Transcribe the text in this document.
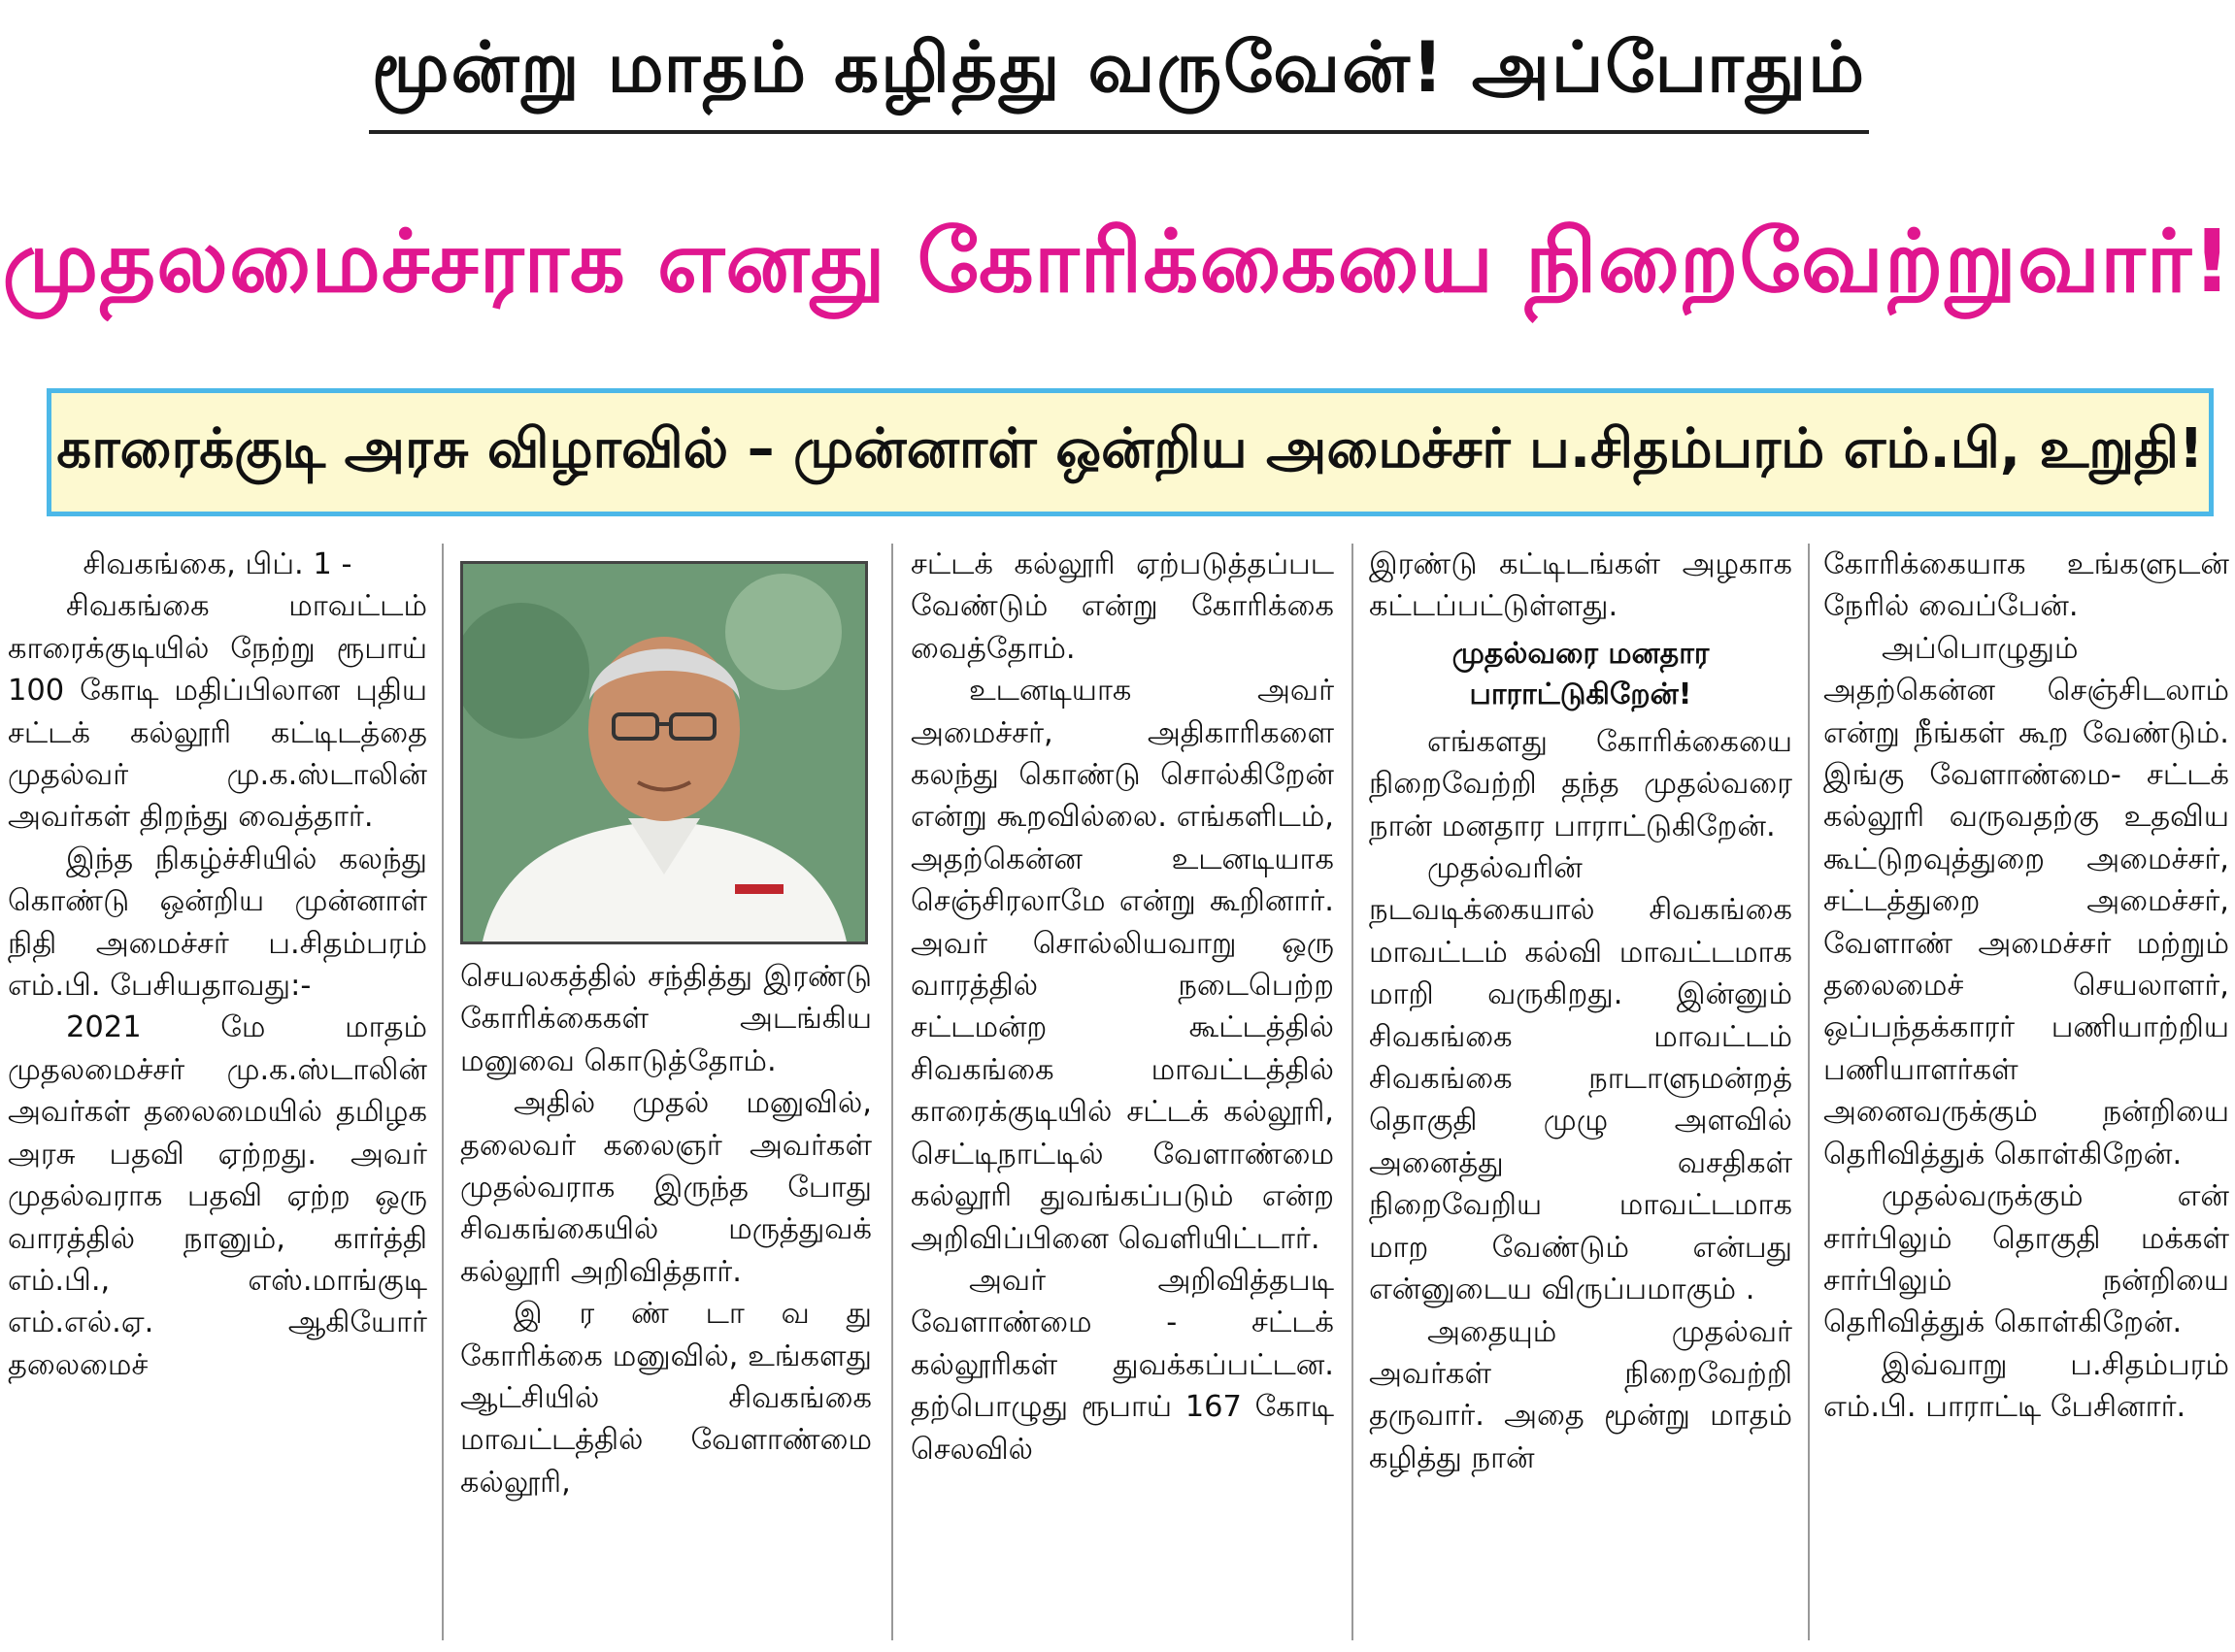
மூன்று மாதம் கழித்து வருவேன்! அப்போதும்
முதலமைச்சராக எனது கோரிக்கையை நிறைவேற்றுவார்!
காரைக்குடி அரசு விழாவில் – முன்னாள் ஒன்றிய அமைச்சர் ப.சிதம்பரம் எம்.பி, உறுதி!

சிவகங்கை, பிப். 1 -

சிவகங்கை மாவட்டம் காரைக்குடியில் நேற்று ரூபாய் 100 கோடி மதிப்பிலான புதிய சட்டக் கல்லூரி கட்டிடத்தை முதல்வர் மு.க.ஸ்டாலின் அவர்கள் திறந்து வைத்தார்.

இந்த நிகழ்ச்சியில் கலந்து கொண்டு ஒன்றிய முன்னாள் நிதி அமைச்சர் ப.சிதம்பரம் எம்.பி. பேசியதாவது:-

2021 மே மாதம் முதலமைச்சர் மு.க.ஸ்டாலின் அவர்கள் தலைமையில் தமிழக அரசு பதவி ஏற்றது. அவர் முதல்வராக பதவி ஏற்ற ஒரு வாரத்தில் நானும், கார்த்தி எம்.பி., எஸ்.மாங்குடி எம்.எல்.ஏ. ஆகியோர் தலைமைச்

செயலகத்தில் சந்தித்து இரண்டு கோரிக்கைகள் அடங்கிய மனுவை கொடுத்தோம்.

அதில் முதல் மனுவில், தலைவர் கலைஞர் அவர்கள் முதல்வராக இருந்த போது சிவகங்கையில் மருத்துவக் கல்லூரி அறிவித்தார்.

இ ர ண் டா வ து கோரிக்கை மனுவில், உங்களது ஆட்சியில் சிவகங்கை மாவட்டத்தில் வேளாண்மை கல்லூரி,

சட்டக் கல்லூரி ஏற்படுத்தப்பட வேண்டும் என்று கோரிக்கை வைத்தோம்.

உடனடியாக அவர் அமைச்சர், அதிகாரிகளை கலந்து கொண்டு சொல்கிறேன் என்று கூறவில்லை. எங்களிடம், அதற்கென்ன உடனடியாக செஞ்சிரலாமே என்று கூறினார். அவர் சொல்லியவாறு ஒரு வாரத்தில் நடைபெற்ற சட்டமன்ற கூட்டத்தில் சிவகங்கை மாவட்டத்தில் காரைக்குடியில் சட்டக் கல்லூரி, செட்டிநாட்டில் வேளாண்மை கல்லூரி துவங்கப்படும் என்ற அறிவிப்பினை வெளியிட்டார்.

அவர் அறிவித்தபடி வேளாண்மை - சட்டக் கல்லூரிகள் துவக்கப்பட்டன. தற்பொழுது ரூபாய் 167 கோடி செலவில்

இரண்டு கட்டிடங்கள் அழகாக கட்டப்பட்டுள்ளது.

முதல்வரை மனதார பாராட்டுகிறேன்!

எங்களது கோரிக்கையை நிறைவேற்றி தந்த முதல்வரை நான் மனதார பாராட்டுகிறேன்.

முதல்வரின் நடவடிக்கையால் சிவகங்கை மாவட்டம் கல்வி மாவட்டமாக மாறி வருகிறது. இன்னும் சிவகங்கை மாவட்டம் சிவகங்கை நாடாளுமன்றத் தொகுதி முழு அளவில் அனைத்து வசதிகள் நிறைவேறிய மாவட்டமாக மாற வேண்டும் என்பது என்னுடைய விருப்பமாகும் .

அதையும் முதல்வர் அவர்கள் நிறைவேற்றி தருவார். அதை மூன்று மாதம் கழித்து நான்

கோரிக்கையாக உங்களுடன் நேரில் வைப்பேன்.

அப்பொழுதும் அதற்கென்ன செஞ்சிடலாம் என்று நீங்கள் கூற வேண்டும். இங்கு வேளாண்மை- சட்டக் கல்லூரி வருவதற்கு உதவிய கூட்டுறவுத்துறை அமைச்சர், சட்டத்துறை அமைச்சர், வேளாண் அமைச்சர் மற்றும் தலைமைச் செயலாளர், ஒப்பந்தக்காரர் பணியாற்றிய பணியாளர்கள் அனைவருக்கும் நன்றியை தெரிவித்துக் கொள்கிறேன்.

முதல்வருக்கும் என் சார்பிலும் தொகுதி மக்கள் சார்பிலும் நன்றியை தெரிவித்துக் கொள்கிறேன்.

இவ்வாறு ப.சிதம்பரம் எம்.பி. பாராட்டி பேசினார்.
